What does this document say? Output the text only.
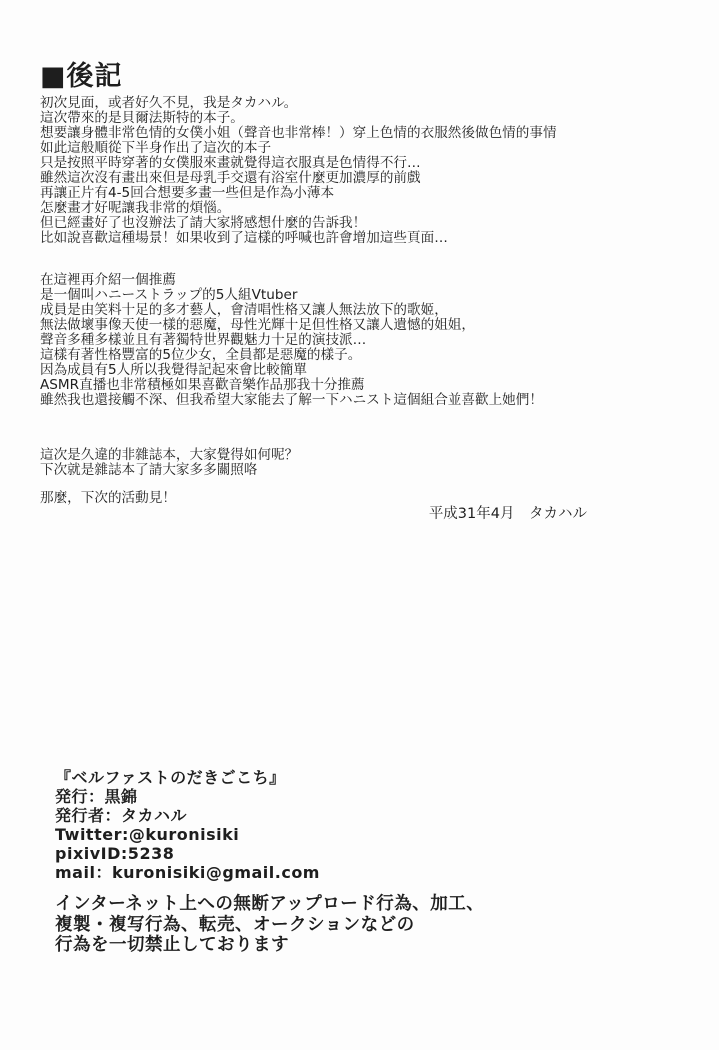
■後記
初次見面，或者好久不見，我是タカハル。
這次帶來的是貝爾法斯特的本子。
想要讓身體非常色情的女僕小姐（聲音也非常棒！）穿上色情的衣服然後做色情的事情
如此這般順從下半身作出了這次的本子
只是按照平時穿著的女僕服來畫就覺得這衣服真是色情得不行…
雖然這次沒有畫出來但是母乳手交還有浴室什麼更加濃厚的前戲
再讓正片有4-5回合想要多畫一些但是作為小薄本
怎麼畫才好呢讓我非常的煩惱。
但已經畫好了也沒辦法了請大家將感想什麼的告訴我！
比如說喜歡這種場景！如果收到了這樣的呼喊也許會增加這些頁面…
在這裡再介紹一個推薦
是一個叫ハニーストラップ的5人組Vtuber
成員是由笑料十足的多才藝人，會清唱性格又讓人無法放下的歌姬，
無法做壞事像天使一樣的惡魔，母性光輝十足但性格又讓人遺憾的姐姐，
聲音多種多樣並且有著獨特世界觀魅力十足的演技派…
這樣有著性格豐富的5位少女，全員都是惡魔的樣子。
因為成員有5人所以我覺得記起來會比較簡單
ASMR直播也非常積極如果喜歡音樂作品那我十分推薦
雖然我也還接觸不深、但我希望大家能去了解一下ハニスト這個組合並喜歡上她們！
這次是久違的非雜誌本，大家覺得如何呢？
下次就是雜誌本了請大家多多關照咯
那麼，下次的活動見！
平成31年4月　タカハル
『ベルファストのだきごこち』
発行：黒錦
発行者：タカハル
Twitter:@kuronisiki
pixivID:5238
mail：kuronisiki@gmail.com
インターネット上への無断アップロード行為、加工、
複製・複写行為、転売、オークションなどの
行為を一切禁止しております
